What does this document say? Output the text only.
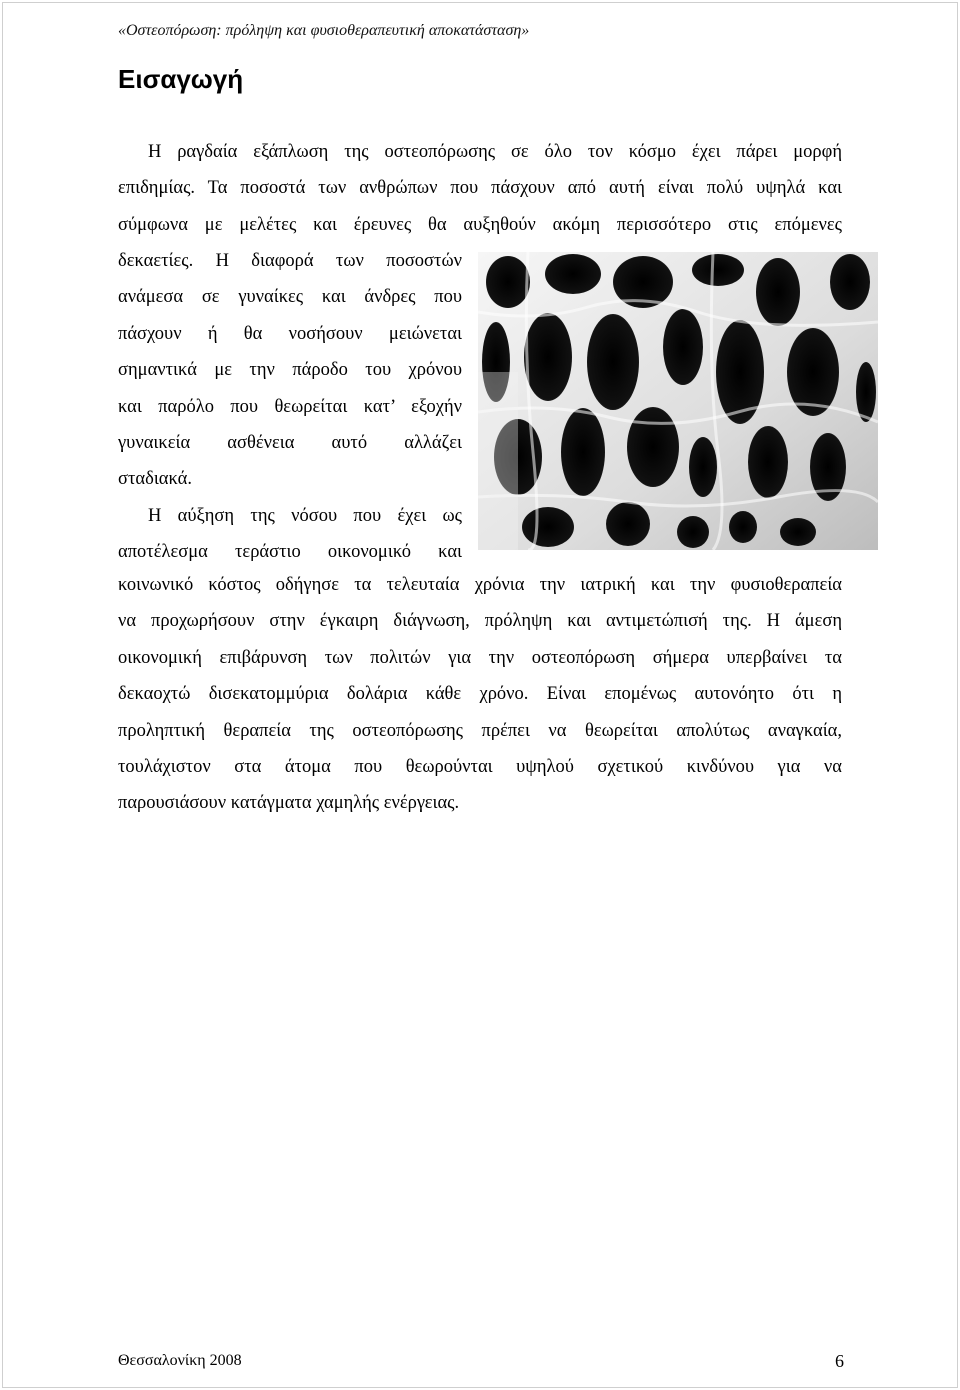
«Οστεοπόρωση: πρόληψη και φυσιοθεραπευτική αποκατάσταση»
Εισαγωγή
Η ραγδαία εξάπλωση της οστεοπόρωσης σε όλο τον κόσμο έχει πάρει μορφή
επιδημίας. Τα ποσοστά των ανθρώπων που πάσχουν από αυτή είναι πολύ υψηλά και
σύμφωνα με μελέτες και έρευνες θα αυξηθούν ακόμη περισσότερο στις επόμενες
δεκαετίες. Η διαφορά των ποσοστών
ανάμεσα σε γυναίκες και άνδρες που
πάσχουν ή θα νοσήσουν μειώνεται
σημαντικά με την πάροδο του χρόνου
και παρόλο που θεωρείται κατ’ εξοχήν
γυναικεία ασθένεια αυτό αλλάζει
σταδιακά.
Η αύξηση της νόσου που έχει ως
αποτέλεσμα τεράστιο οικονομικό και
κοινωνικό κόστος οδήγησε τα τελευταία χρόνια την ιατρική και την φυσιοθεραπεία
να προχωρήσουν στην έγκαιρη διάγνωση, πρόληψη και αντιμετώπισή της. Η άμεση
οικονομική επιβάρυνση των πολιτών για την οστεοπόρωση σήμερα υπερβαίνει τα
δεκαοχτώ δισεκατομμύρια δολάρια κάθε χρόνο. Είναι επομένως αυτονόητο ότι η
προληπτική θεραπεία της οστεοπόρωσης πρέπει να θεωρείται απολύτως αναγκαία,
τουλάχιστον στα άτομα που θεωρούνται υψηλού σχετικού κινδύνου για να
παρουσιάσουν κατάγματα χαμηλής ενέργειας.
Θεσσαλονίκη 2008	6
